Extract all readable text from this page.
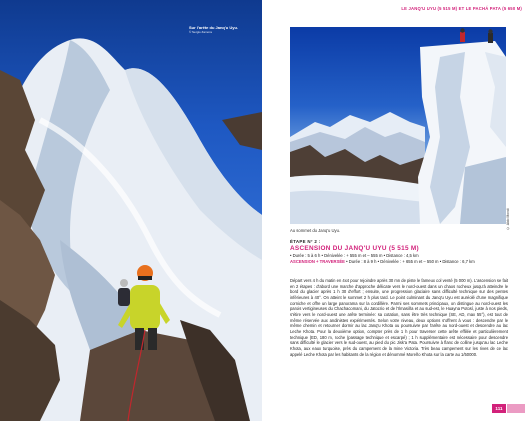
Sur l'arête du Janq'u Uyu.
© Sergio Zamora
LE JANQ'U UYU (5 515 M) ET LE PACHÁ PATA (5 650 M)
© Aldo Mondi
Au sommet du Janq'u Uyu.
ÉTAPE N° 2 :
ASCENSION DU JANQ'U UYU (5 515 M)
• Durée : 5 à 6 h • Dénivelée : + 555 m et – 555 m • Distance : 4,5 km
ASCENSION + TRAVERSÉE • Durée : 8 à 9 h • Dénivelée : + 655 m et – 550 m • Distance : 6,7 km

Départ vers 4 h du matin en 4x4 pour rejoindre après 30 mn de piste le fameux col venté (5 000 m). L'ascension se fait en 2 étapes : d'abord une marche d'approche délicate vers le nord-ouest dans un chaos rocheux jusqu'à atteindre le bord du glacier après 1 h 30 d'effort ; ensuite, une progression glaciaire sans difficulté technique sur des pentes inférieures à 40°. On atteint le sommet 2 h plus tard. Le point culminant du Janq'u Uyu est auréolé d'une magnifique corniche et offre un large panorama sur la cordillère. Parmi ses sommets principaux, on distingue au nord-ouest les parois vertigineuses du Chachacomani, du Jatocrio et de l'Ilmasiña et au sud-est, le Huayna Potosí, juste à nos pieds, s'étire vers le nord-ouest une arête terminée: sa cotation, sans être très technique (SE, AD, max 55°), est tout de même réservée aux andinistes expérimentés. Selon votre niveau, deux options s'offrent à vous : descendre par le même chemin et retourner dormir au lac Janq'u Khota ou poursuivre par l'arête au nord-ouest et descendre au lac Leche Khota. Pour la deuxième option, compter près de 1 h pour traverser cette arête effilée et particulièrement technique (ED, 180 m, roche (passage technique et escarpé) ; 1 h supplémentaire est nécessaire pour descendre sans difficulté le glacier vers le sud-ouest, au pied du pic Jisk'a Pata. Poursuivre à flanc de colline jusqu'au lac Leche Khota, aux eaux turquoise, près du campement de la mine Victoria. Très beau campement sur les rives de ce lac appelé Leche Khota par les habitants de la région et dénommé Moreño Khota sur la carte au 1/50000.

111
